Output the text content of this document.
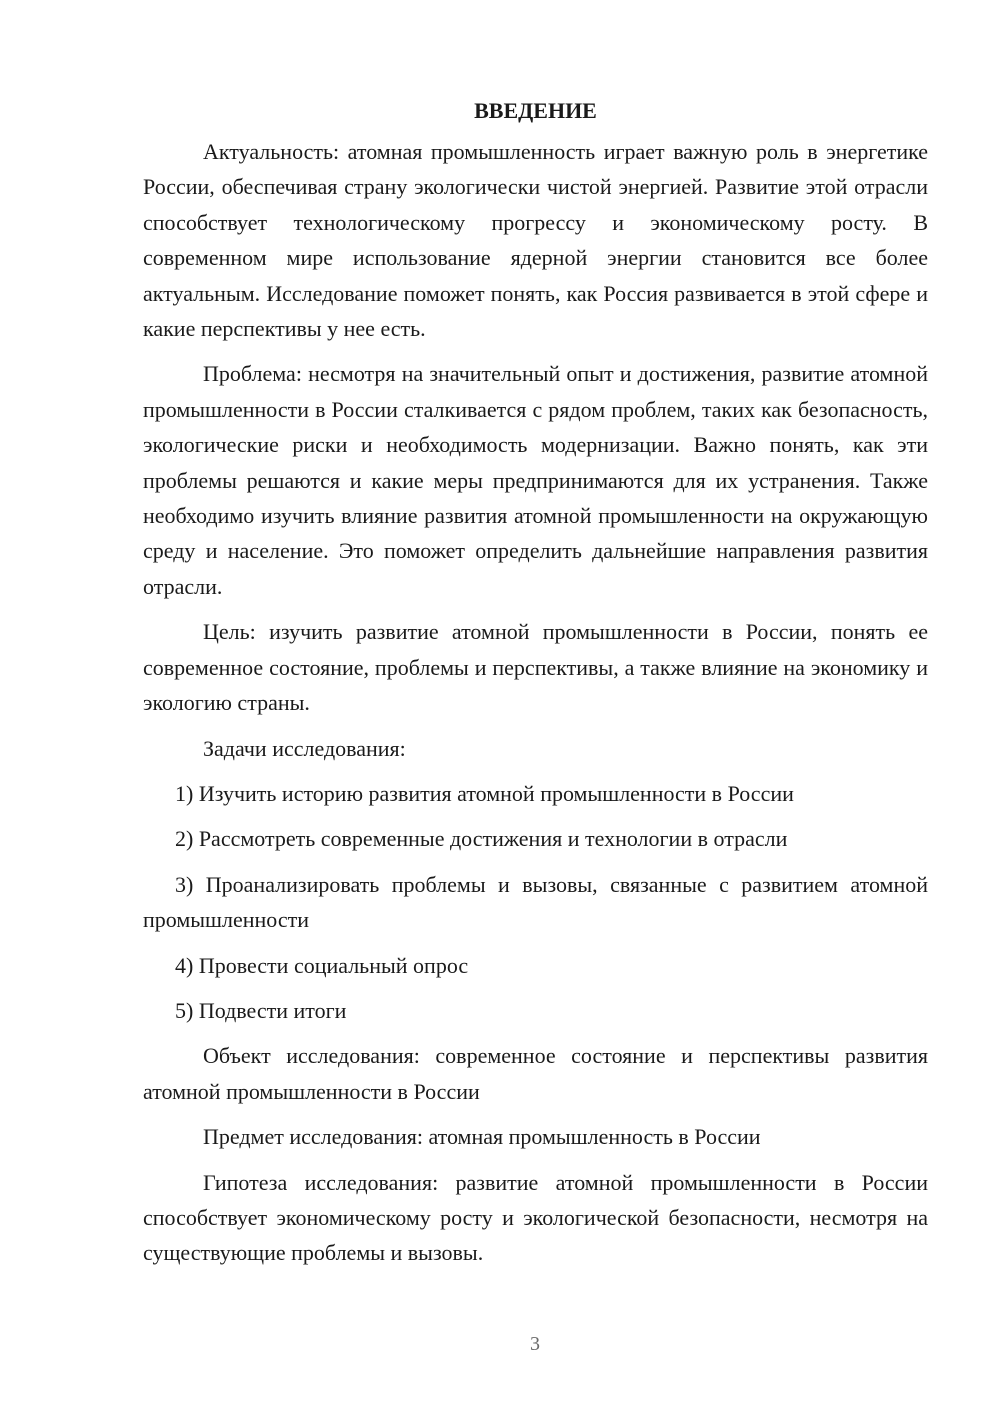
ВВЕДЕНИЕ

Актуальность: атомная промышленность играет важную роль в энергетике России, обеспечивая страну экологически чистой энергией. Развитие этой отрасли способствует технологическому прогрессу и экономическому росту. В современном мире использование ядерной энергии становится все более актуальным. Исследование поможет понять, как Россия развивается в этой сфере и какие перспективы у нее есть.

Проблема: несмотря на значительный опыт и достижения, развитие атомной промышленности в России сталкивается с рядом проблем, таких как безопасность, экологические риски и необходимость модернизации. Важно понять, как эти проблемы решаются и какие меры предпринимаются для их устранения. Также необходимо изучить влияние развития атомной промышленности на окружающую среду и население. Это поможет определить дальнейшие направления развития отрасли.

Цель: изучить развитие атомной промышленности в России, понять ее современное состояние, проблемы и перспективы, а также влияние на экономику и экологию страны.

Задачи исследования:

1) Изучить историю развития атомной промышленности в России

2) Рассмотреть современные достижения и технологии в отрасли

3) Проанализировать проблемы и вызовы, связанные с развитием атомной промышленности

4) Провести социальный опрос

5) Подвести итоги

Объект исследования: современное состояние и перспективы развития атомной промышленности в России

Предмет исследования: атомная промышленность в России

Гипотеза исследования: развитие атомной промышленности в России способствует экономическому росту и экологической безопасности, несмотря на существующие проблемы и вызовы.

3
